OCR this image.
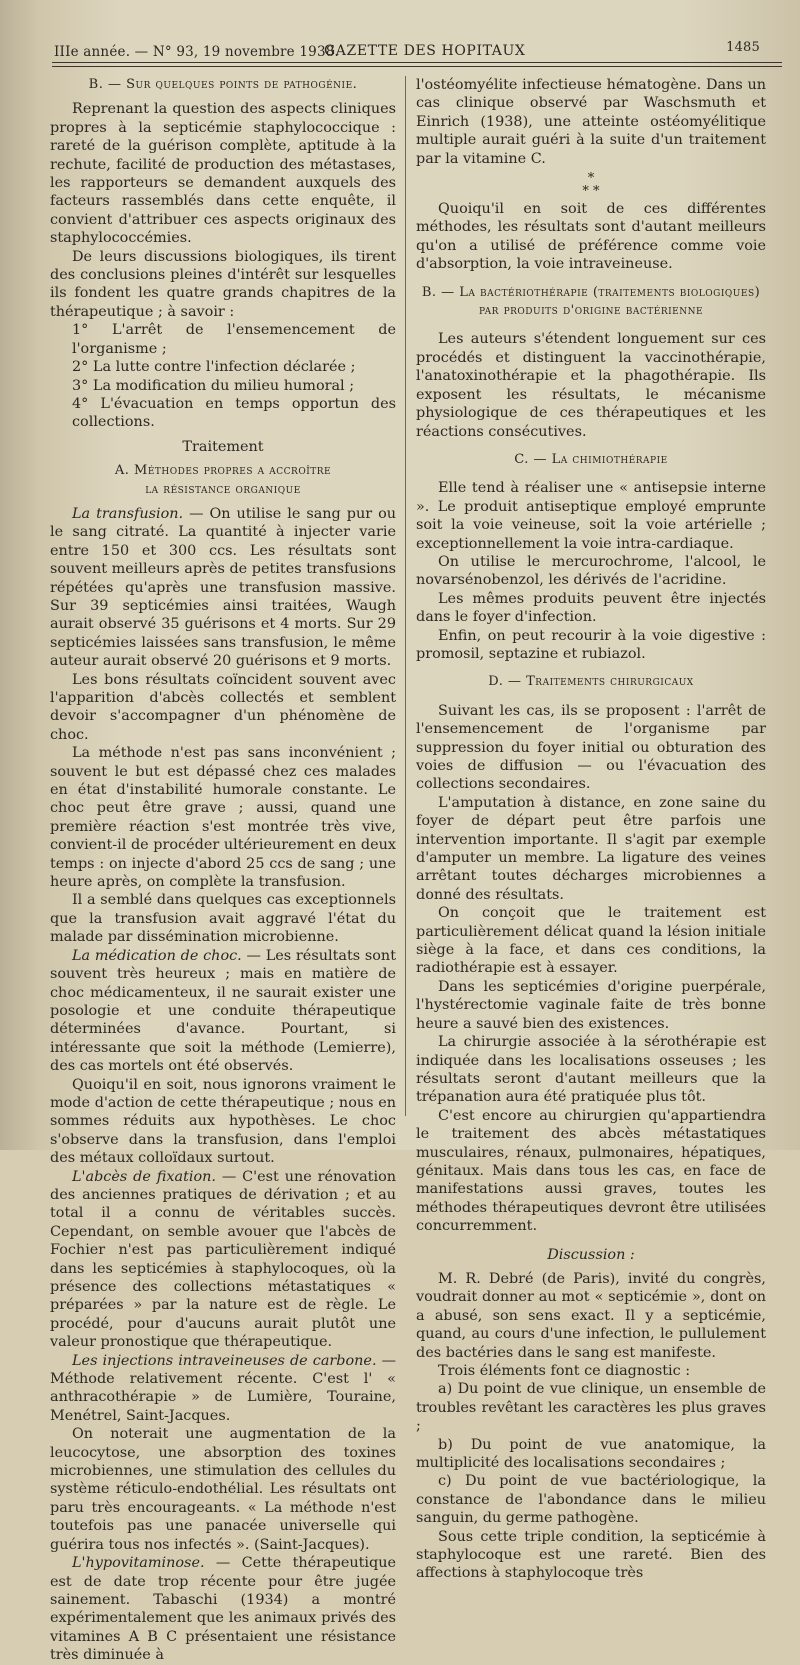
IIIe année. — N° 93, 19 novembre 1938.
GAZETTE DES HOPITAUX	1485
B. — Sur quelques points de pathogénie.

Reprenant la question des aspects cliniques propres à la septicémie staphylococcique : rareté de la guérison complète, aptitude à la rechute, facilité de production des métastases, les rapporteurs se demandent auxquels des facteurs rassemblés dans cette enquête, il convient d'attribuer ces aspects originaux des staphylococcémies.

De leurs discussions biologiques, ils tirent des conclusions pleines d'intérêt sur lesquelles ils fondent les quatre grands chapitres de la thérapeutique ; à savoir :

1° L'arrêt de l'ensemencement de l'organisme ;

2° La lutte contre l'infection déclarée ;

3° La modification du milieu humoral ;

4° L'évacuation en temps opportun des collections.

Traitement
A. Méthodes propres a accroître
la résistance organique

La transfusion. — On utilise le sang pur ou le sang citraté. La quantité à injecter varie entre 150 et 300 ccs. Les résultats sont souvent meilleurs après de petites transfusions répétées qu'après une transfusion massive. Sur 39 septicémies ainsi traitées, Waugh aurait observé 35 guérisons et 4 morts. Sur 29 septicémies laissées sans transfusion, le même auteur aurait observé 20 guérisons et 9 morts.

Les bons résultats coïncident souvent avec l'apparition d'abcès collectés et semblent devoir s'accompagner d'un phénomène de choc.

La méthode n'est pas sans inconvénient ; souvent le but est dépassé chez ces malades en état d'instabilité humorale constante. Le choc peut être grave ; aussi, quand une première réaction s'est montrée très vive, convient-il de procéder ultérieurement en deux temps : on injecte d'abord 25 ccs de sang ; une heure après, on complète la transfusion.

Il a semblé dans quelques cas exceptionnels que la transfusion avait aggravé l'état du malade par dissémination microbienne.

La médication de choc. — Les résultats sont souvent très heureux ; mais en matière de choc médicamenteux, il ne saurait exister une posologie et une conduite thérapeutique déterminées d'avance. Pourtant, si intéressante que soit la méthode (Lemierre), des cas mortels ont été observés.

Quoiqu'il en soit, nous ignorons vraiment le mode d'action de cette thérapeutique ; nous en sommes réduits aux hypothèses. Le choc s'observe dans la transfusion, dans l'emploi des métaux colloïdaux surtout.

L'abcès de fixation. — C'est une rénovation des anciennes pratiques de dérivation ; et au total il a connu de véritables succès. Cependant, on semble avouer que l'abcès de Fochier n'est pas particulièrement indiqué dans les septicémies à staphylocoques, où la présence des collections métastatiques « préparées » par la nature est de règle. Le procédé, pour d'aucuns aurait plutôt une valeur pronostique que thérapeutique.

Les injections intraveineuses de carbone. — Méthode relativement récente. C'est l' « anthracothérapie » de Lumière, Touraine, Menétrel, Saint-Jacques.

On noterait une augmentation de la leucocytose, une absorption des toxines microbiennes, une stimulation des cellules du système réticulo-endothélial. Les résultats ont paru très encourageants. « La méthode n'est toutefois pas une panacée universelle qui guérira tous nos infectés ». (Saint-Jacques).

L'hypovitaminose. — Cette thérapeutique est de date trop récente pour être jugée sainement. Tabaschi (1934) a montré expérimentalement que les animaux privés des vitamines A B C présentaient une résistance très diminuée à

l'ostéomyélite infectieuse hématogène. Dans un cas clinique observé par Waschsmuth et Einrich (1938), une atteinte ostéomyélitique multiple aurait guéri à la suite d'un traitement par la vitamine C.

*
* *

Quoiqu'il en soit de ces différentes méthodes, les résultats sont d'autant meilleurs qu'on a utilisé de préférence comme voie d'absorption, la voie intraveineuse.

B. — La bactériothérapie (traitements biologiques)
par produits d'origine bactérienne

Les auteurs s'étendent longuement sur ces procédés et distinguent la vaccinothérapie, l'anatoxinothérapie et la phagothérapie. Ils exposent les résultats, le mécanisme physiologique de ces thérapeutiques et les réactions consécutives.

C. — La chimiothérapie

Elle tend à réaliser une « antisepsie interne ». Le produit antiseptique employé emprunte soit la voie veineuse, soit la voie artérielle ; exceptionnellement la voie intra-cardiaque.

On utilise le mercurochrome, l'alcool, le novarsénobenzol, les dérivés de l'acridine.

Les mêmes produits peuvent être injectés dans le foyer d'infection.

Enfin, on peut recourir à la voie digestive : promosil, septazine et rubiazol.

D. — Traitements chirurgicaux

Suivant les cas, ils se proposent : l'arrêt de l'ensemencement de l'organisme par suppression du foyer initial ou obturation des voies de diffusion — ou l'évacuation des collections secondaires.

L'amputation à distance, en zone saine du foyer de départ peut être parfois une intervention importante. Il s'agit par exemple d'amputer un membre. La ligature des veines arrêtant toutes décharges microbiennes a donné des résultats.

On conçoit que le traitement est particulièrement délicat quand la lésion initiale siège à la face, et dans ces conditions, la radiothérapie est à essayer.

Dans les septicémies d'origine puerpérale, l'hystérectomie vaginale faite de très bonne heure a sauvé bien des existences.

La chirurgie associée à la sérothérapie est indiquée dans les localisations osseuses ; les résultats seront d'autant meilleurs que la trépanation aura été pratiquée plus tôt.

C'est encore au chirurgien qu'appartiendra le traitement des abcès métastatiques musculaires, rénaux, pulmonaires, hépatiques, génitaux. Mais dans tous les cas, en face de manifestations aussi graves, toutes les méthodes thérapeutiques devront être utilisées concurremment.

Discussion :

M. R. Debré (de Paris), invité du congrès, voudrait donner au mot « septicémie », dont on a abusé, son sens exact. Il y a septicémie, quand, au cours d'une infection, le pullulement des bactéries dans le sang est manifeste.

Trois éléments font ce diagnostic :

a) Du point de vue clinique, un ensemble de troubles revêtant les caractères les plus graves ;

b) Du point de vue anatomique, la multiplicité des localisations secondaires ;

c) Du point de vue bactériologique, la constance de l'abondance dans le milieu sanguin, du germe pathogène.

Sous cette triple condition, la septicémie à staphylocoque est une rareté. Bien des affections à staphylocoque très
